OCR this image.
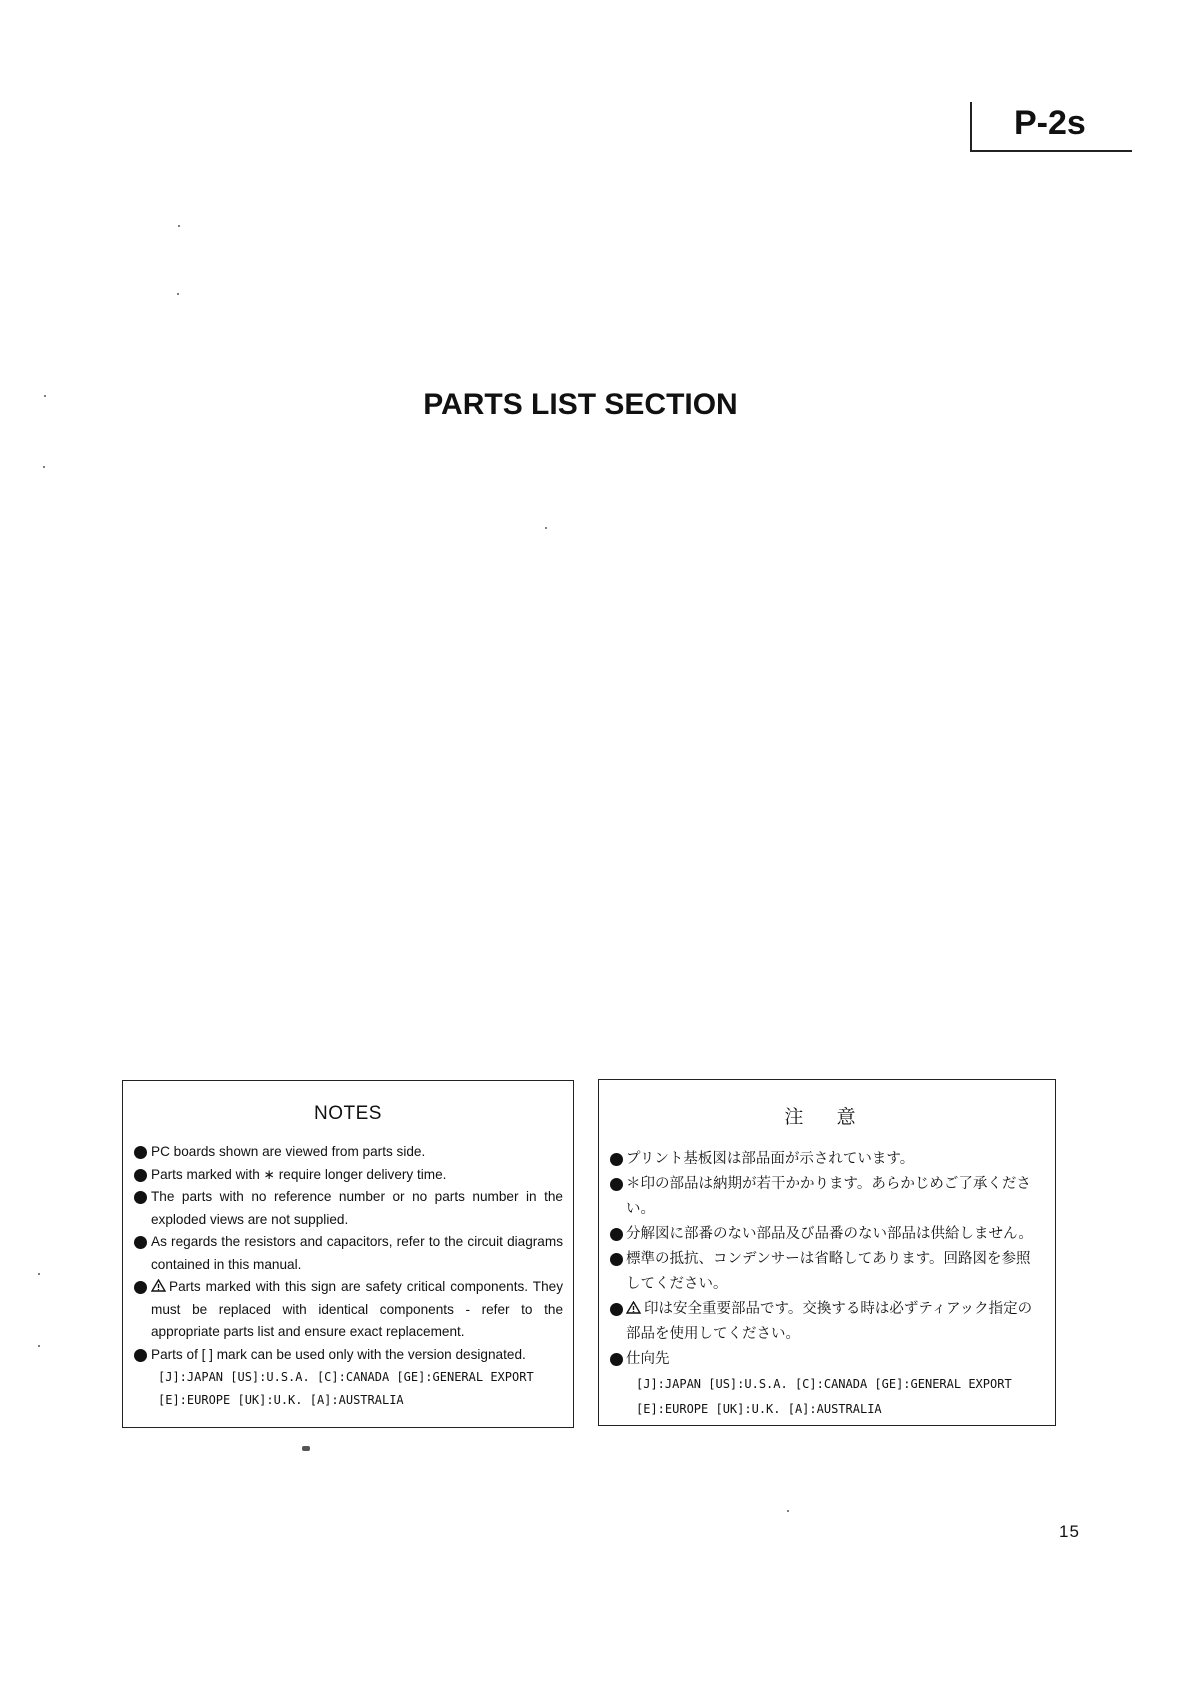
P-2s
PARTS LIST SECTION
NOTES
PC boards shown are viewed from parts side.
Parts marked with ∗ require longer delivery time.
The parts with no reference number or no parts number in the exploded views are not supplied.
As regards the resistors and capacitors, refer to the circuit diagrams contained in this manual.
Parts marked with this sign are safety critical components. They must be replaced with identical components - refer to the appropriate parts list and ensure exact replacement.
Parts of [ ] mark can be used only with the version designated.
[J]:JAPAN [US]:U.S.A. [C]:CANADA [GE]:GENERAL EXPORT
[E]:EUROPE [UK]:U.K. [A]:AUSTRALIA
注 意
プリント基板図は部品面が示されています。
＊印の部品は納期が若干かかります。あらかじめご了承ください。
分解図に部番のない部品及び品番のない部品は供給しません。
標準の抵抗、コンデンサーは省略してあります。回路図を参照してください。
印は安全重要部品です。交換する時は必ずティアック指定の部品を使用してください。
仕向先
[J]:JAPAN [US]:U.S.A. [C]:CANADA [GE]:GENERAL EXPORT
[E]:EUROPE [UK]:U.K. [A]:AUSTRALIA
15
